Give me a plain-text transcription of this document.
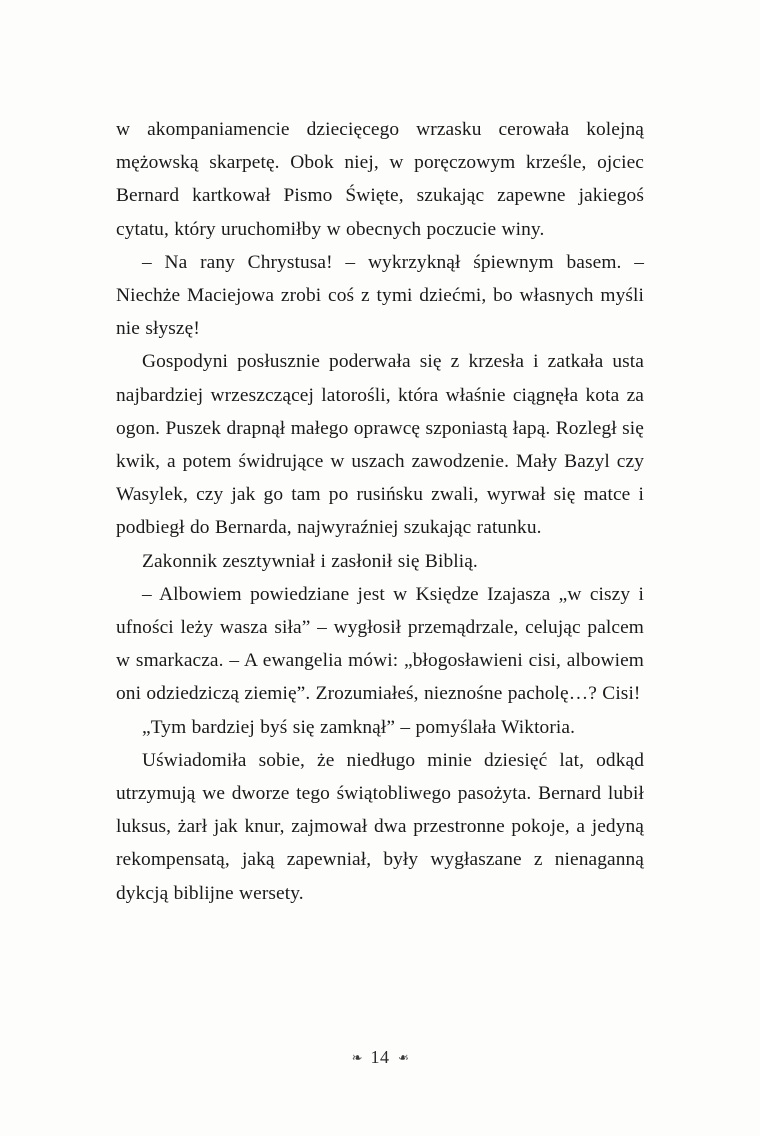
w akompaniamencie dziecięcego wrzasku cerowała kolejną mężowską skarpetę. Obok niej, w poręczowym krześle, ojciec Bernard kartkował Pismo Święte, szukając zapewne jakiegoś cytatu, który uruchomiłby w obecnych poczucie winy.

– Na rany Chrystusa! – wykrzyknął śpiewnym basem. – Niechże Maciejowa zrobi coś z tymi dziećmi, bo własnych myśli nie słyszę!

Gospodyni posłusznie poderwała się z krzesła i zatkała usta najbardziej wrzeszczącej latorośli, która właśnie ciągnęła kota za ogon. Puszek drapnął małego oprawcę szponiastą łapą. Rozległ się kwik, a potem świdrujące w uszach zawodzenie. Mały Bazyl czy Wasylek, czy jak go tam po rusińsku zwali, wyrwał się matce i podbiegł do Bernarda, najwyraźniej szukając ratunku.

Zakonnik zesztywniał i zasłonił się Biblią.

– Albowiem powiedziane jest w Księdze Izajasza „w ciszy i ufności leży wasza siła” – wygłosił przemądrzale, celując palcem w smarkacza. – A ewangelia mówi: „błogosławieni cisi, albowiem oni odziedziczą ziemię”. Zrozumiałeś, nieznośne pacholę…? Cisi!

„Tym bardziej byś się zamknął” – pomyślała Wiktoria.

Uświadomiła sobie, że niedługo minie dziesięć lat, odkąd utrzymują we dworze tego świątobliwego pasożyta. Bernard lubił luksus, żarł jak knur, zajmował dwa przestronne pokoje, a jedyną rekompensatą, jaką zapewniał, były wygłaszane z nienaganną dykcją biblijne wersety.

❧ 14 ❧
